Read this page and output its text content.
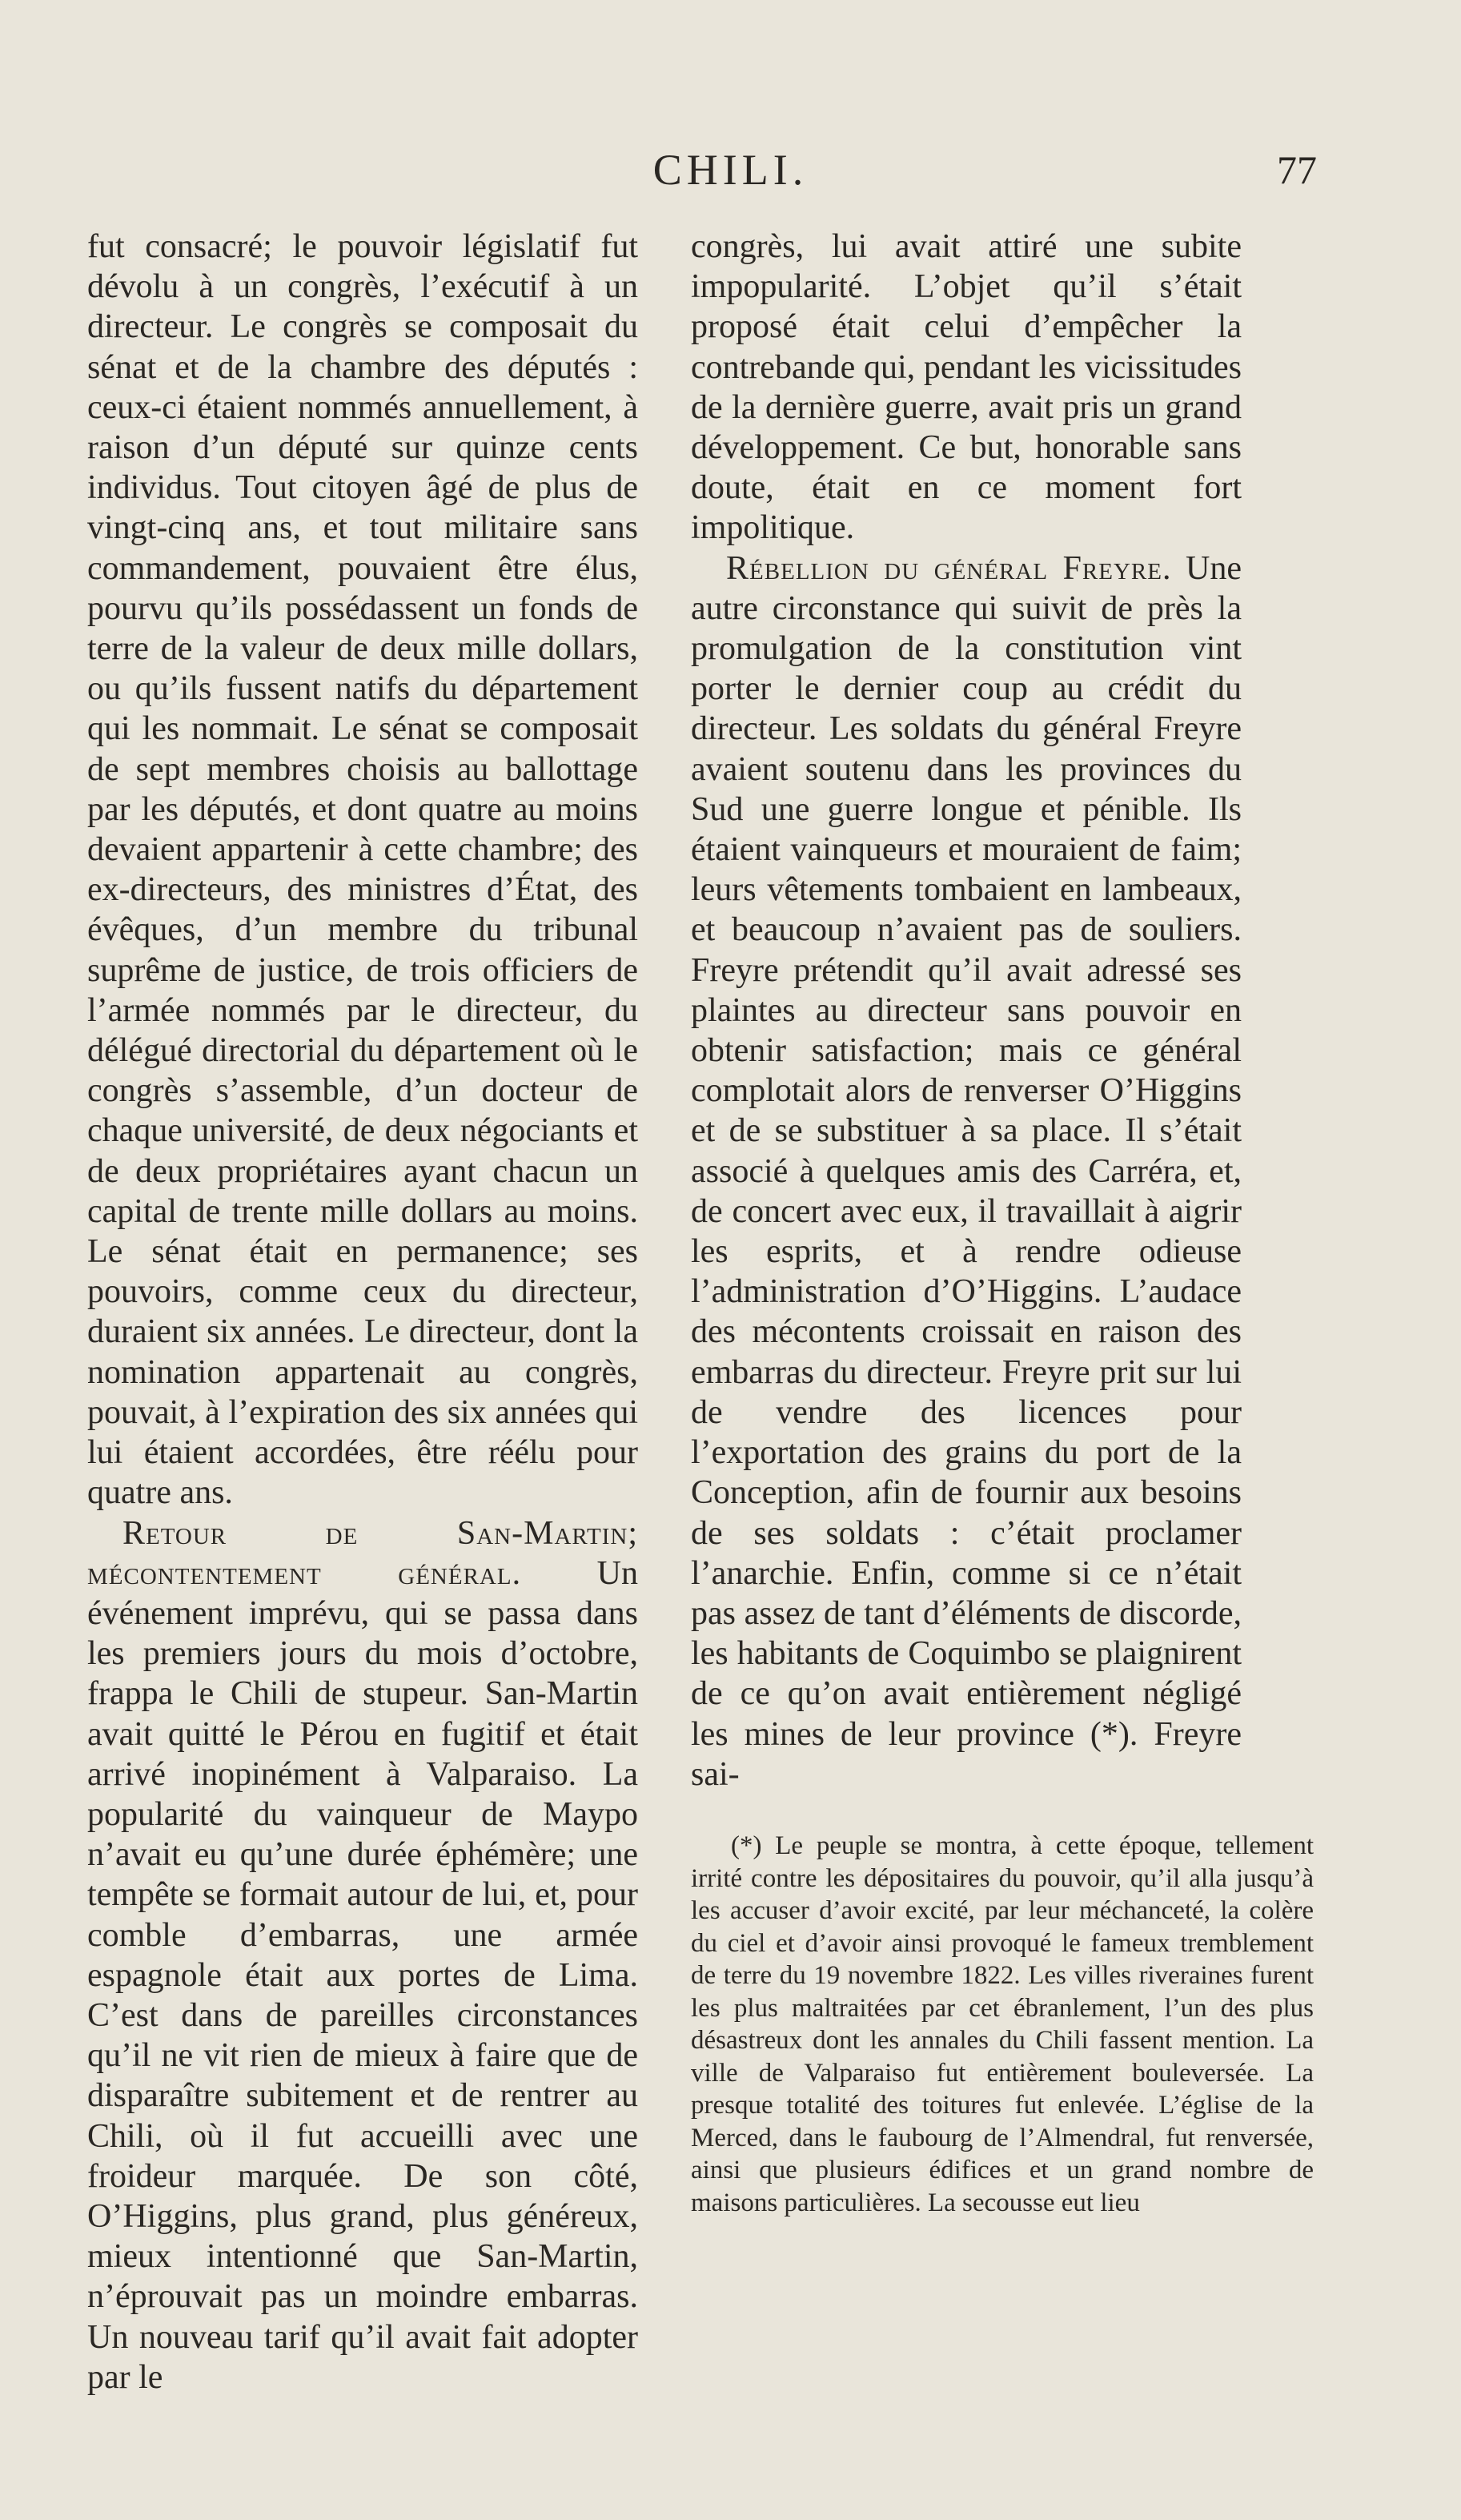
CHILI.	77

fut consacré; le pouvoir législatif fut dévolu à un congrès, l’exécutif à un directeur. Le congrès se composait du sénat et de la chambre des députés : ceux-ci étaient nommés annuellement, à raison d’un député sur quinze cents individus. Tout citoyen âgé de plus de vingt-cinq ans, et tout militaire sans commandement, pouvaient être élus, pourvu qu’ils possédassent un fonds de terre de la valeur de deux mille dollars, ou qu’ils fussent natifs du département qui les nommait. Le sénat se composait de sept membres choisis au ballottage par les députés, et dont quatre au moins devaient appartenir à cette chambre; des ex-directeurs, des ministres d’État, des évêques, d’un membre du tribunal suprême de justice, de trois officiers de l’armée nommés par le directeur, du délégué directorial du département où le congrès s’assemble, d’un docteur de chaque université, de deux négociants et de deux propriétaires ayant chacun un capital de trente mille dollars au moins. Le sénat était en permanence; ses pouvoirs, comme ceux du directeur, duraient six années. Le directeur, dont la nomination appartenait au congrès, pouvait, à l’expiration des six années qui lui étaient accordées, être réélu pour quatre ans.

Retour de San-Martin; mécontentement général. Un événement imprévu, qui se passa dans les premiers jours du mois d’octobre, frappa le Chili de stupeur. San-Martin avait quitté le Pérou en fugitif et était arrivé inopinément à Valparaiso. La popularité du vainqueur de Maypo n’avait eu qu’une durée éphémère; une tempête se formait autour de lui, et, pour comble d’embarras, une armée espagnole était aux portes de Lima. C’est dans de pareilles circonstances qu’il ne vit rien de mieux à faire que de disparaître subitement et de rentrer au Chili, où il fut accueilli avec une froideur marquée. De son côté, O’Higgins, plus grand, plus généreux, mieux intentionné que San-Martin, n’éprouvait pas un moindre embarras. Un nouveau tarif qu’il avait fait adopter par le

congrès, lui avait attiré une subite impopularité. L’objet qu’il s’était proposé était celui d’empêcher la contrebande qui, pendant les vicissitudes de la dernière guerre, avait pris un grand développement. Ce but, honorable sans doute, était en ce moment fort impolitique.

Rébellion du général Freyre. Une autre circonstance qui suivit de près la promulgation de la constitution vint porter le dernier coup au crédit du directeur. Les soldats du général Freyre avaient soutenu dans les provinces du Sud une guerre longue et pénible. Ils étaient vainqueurs et mouraient de faim; leurs vêtements tombaient en lambeaux, et beaucoup n’avaient pas de souliers. Freyre prétendit qu’il avait adressé ses plaintes au directeur sans pouvoir en obtenir satisfaction; mais ce général complotait alors de renverser O’Higgins et de se substituer à sa place. Il s’était associé à quelques amis des Carréra, et, de concert avec eux, il travaillait à aigrir les esprits, et à rendre odieuse l’administration d’O’Higgins. L’audace des mécontents croissait en raison des embarras du directeur. Freyre prit sur lui de vendre des licences pour l’exportation des grains du port de la Conception, afin de fournir aux besoins de ses soldats : c’était proclamer l’anarchie. Enfin, comme si ce n’était pas assez de tant d’éléments de discorde, les habitants de Coquimbo se plaignirent de ce qu’on avait entièrement négligé les mines de leur province (*). Freyre sai-

(*) Le peuple se montra, à cette époque, tellement irrité contre les dépositaires du pouvoir, qu’il alla jusqu’à les accuser d’avoir excité, par leur méchanceté, la colère du ciel et d’avoir ainsi provoqué le fameux tremblement de terre du 19 novembre 1822. Les villes riveraines furent les plus maltraitées par cet ébranlement, l’un des plus désastreux dont les annales du Chili fassent mention. La ville de Valparaiso fut entièrement bouleversée. La presque totalité des toitures fut enlevée. L’église de la Merced, dans le faubourg de l’Almendral, fut renversée, ainsi que plusieurs édifices et un grand nombre de maisons particulières. La secousse eut lieu
